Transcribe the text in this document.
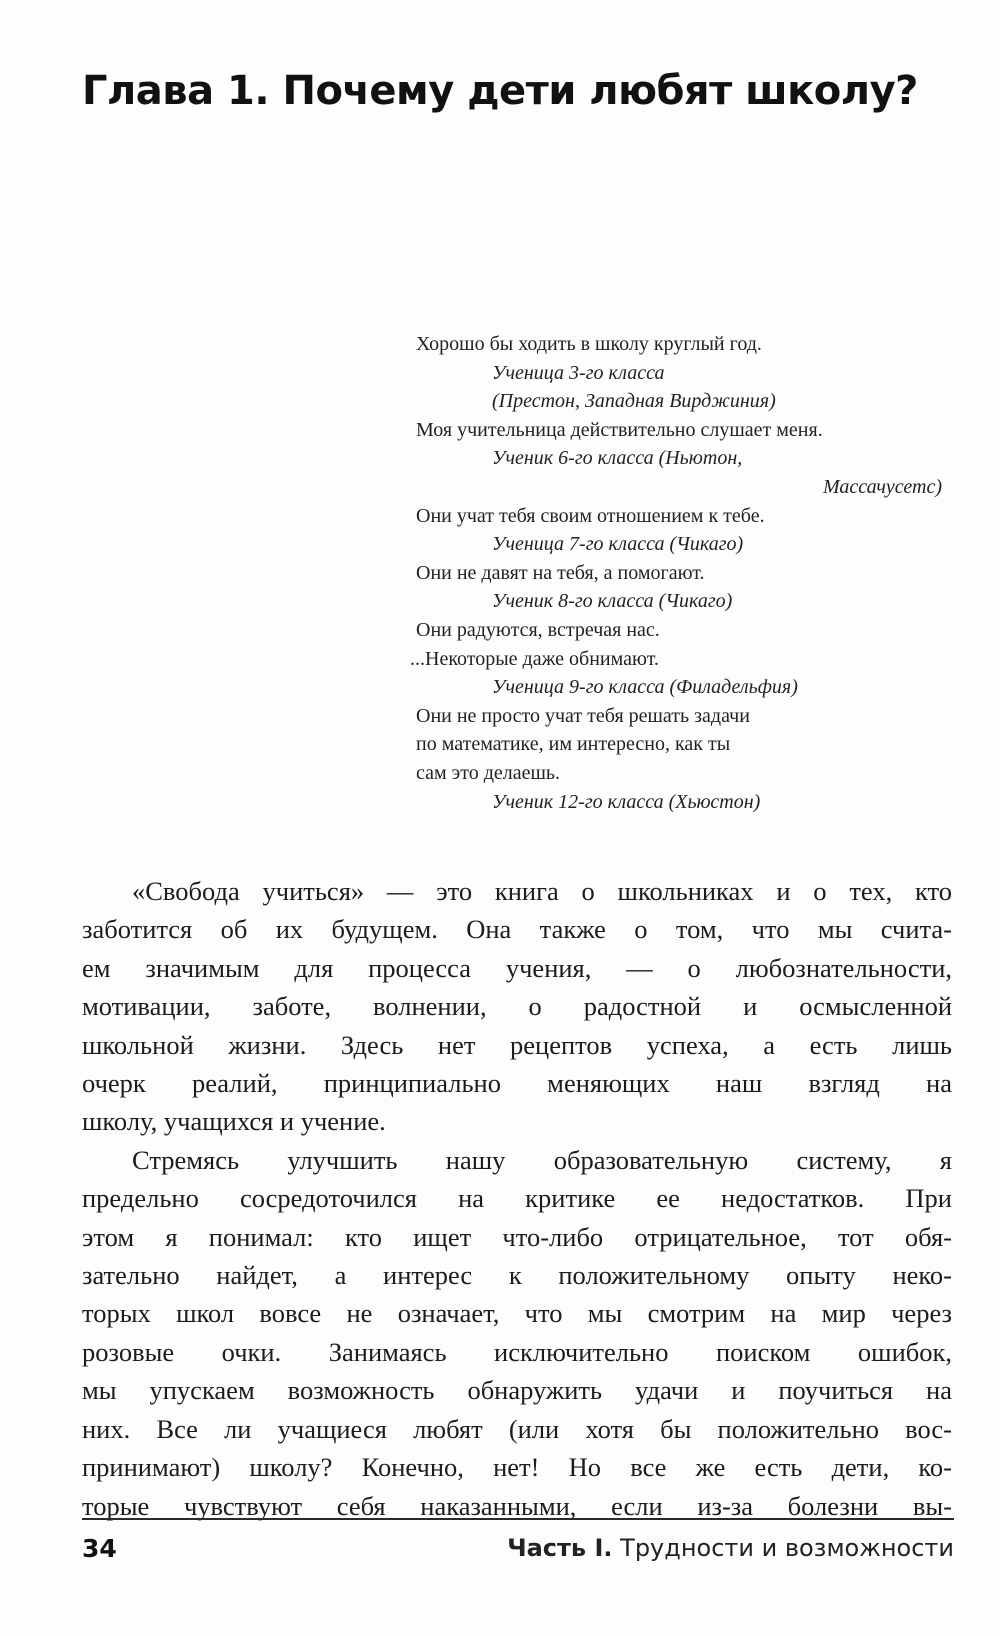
Глава 1. Почему дети любят школу?
Хорошо бы ходить в школу круглый год.
Ученица 3-го класса
(Престон, Западная Вирджиния)
Моя учительница действительно слушает меня.
Ученик 6-го класса (Ньютон,
Массачусетс)
Они учат тебя своим отношением к тебе.
Ученица 7-го класса (Чикаго)
Они не давят на тебя, а помогают.
Ученик 8-го класса (Чикаго)
Они радуются, встречая нас.
...Некоторые даже обнимают.
Ученица 9-го класса (Филадельфия)
Они не просто учат тебя решать задачи
по математике, им интересно, как ты
сам это делаешь.
Ученик 12-го класса (Хьюстон)
«Свобода учиться» — это книга о школьниках и о тех, кто
заботится об их будущем. Она также о том, что мы счита-
ем значимым для процесса учения, — о любознательности,
мотивации, заботе, волнении, о радостной и осмысленной
школьной жизни. Здесь нет рецептов успеха, а есть лишь
очерк реалий, принципиально меняющих наш взгляд на
школу, учащихся и учение.
Стремясь улучшить нашу образовательную систему, я
предельно сосредоточился на критике ее недостатков. При
этом я понимал: кто ищет что-либо отрицательное, тот обя-
зательно найдет, а интерес к положительному опыту неко-
торых школ вовсе не означает, что мы смотрим на мир через
розовые очки. Занимаясь исключительно поиском ошибок,
мы упускаем возможность обнаружить удачи и поучиться на
них. Все ли учащиеся любят (или хотя бы положительно вос-
принимают) школу? Конечно, нет! Но все же есть дети, ко-
торые чувствуют себя наказанными, если из-за болезни вы-
34	Часть I. Трудности и возможности
